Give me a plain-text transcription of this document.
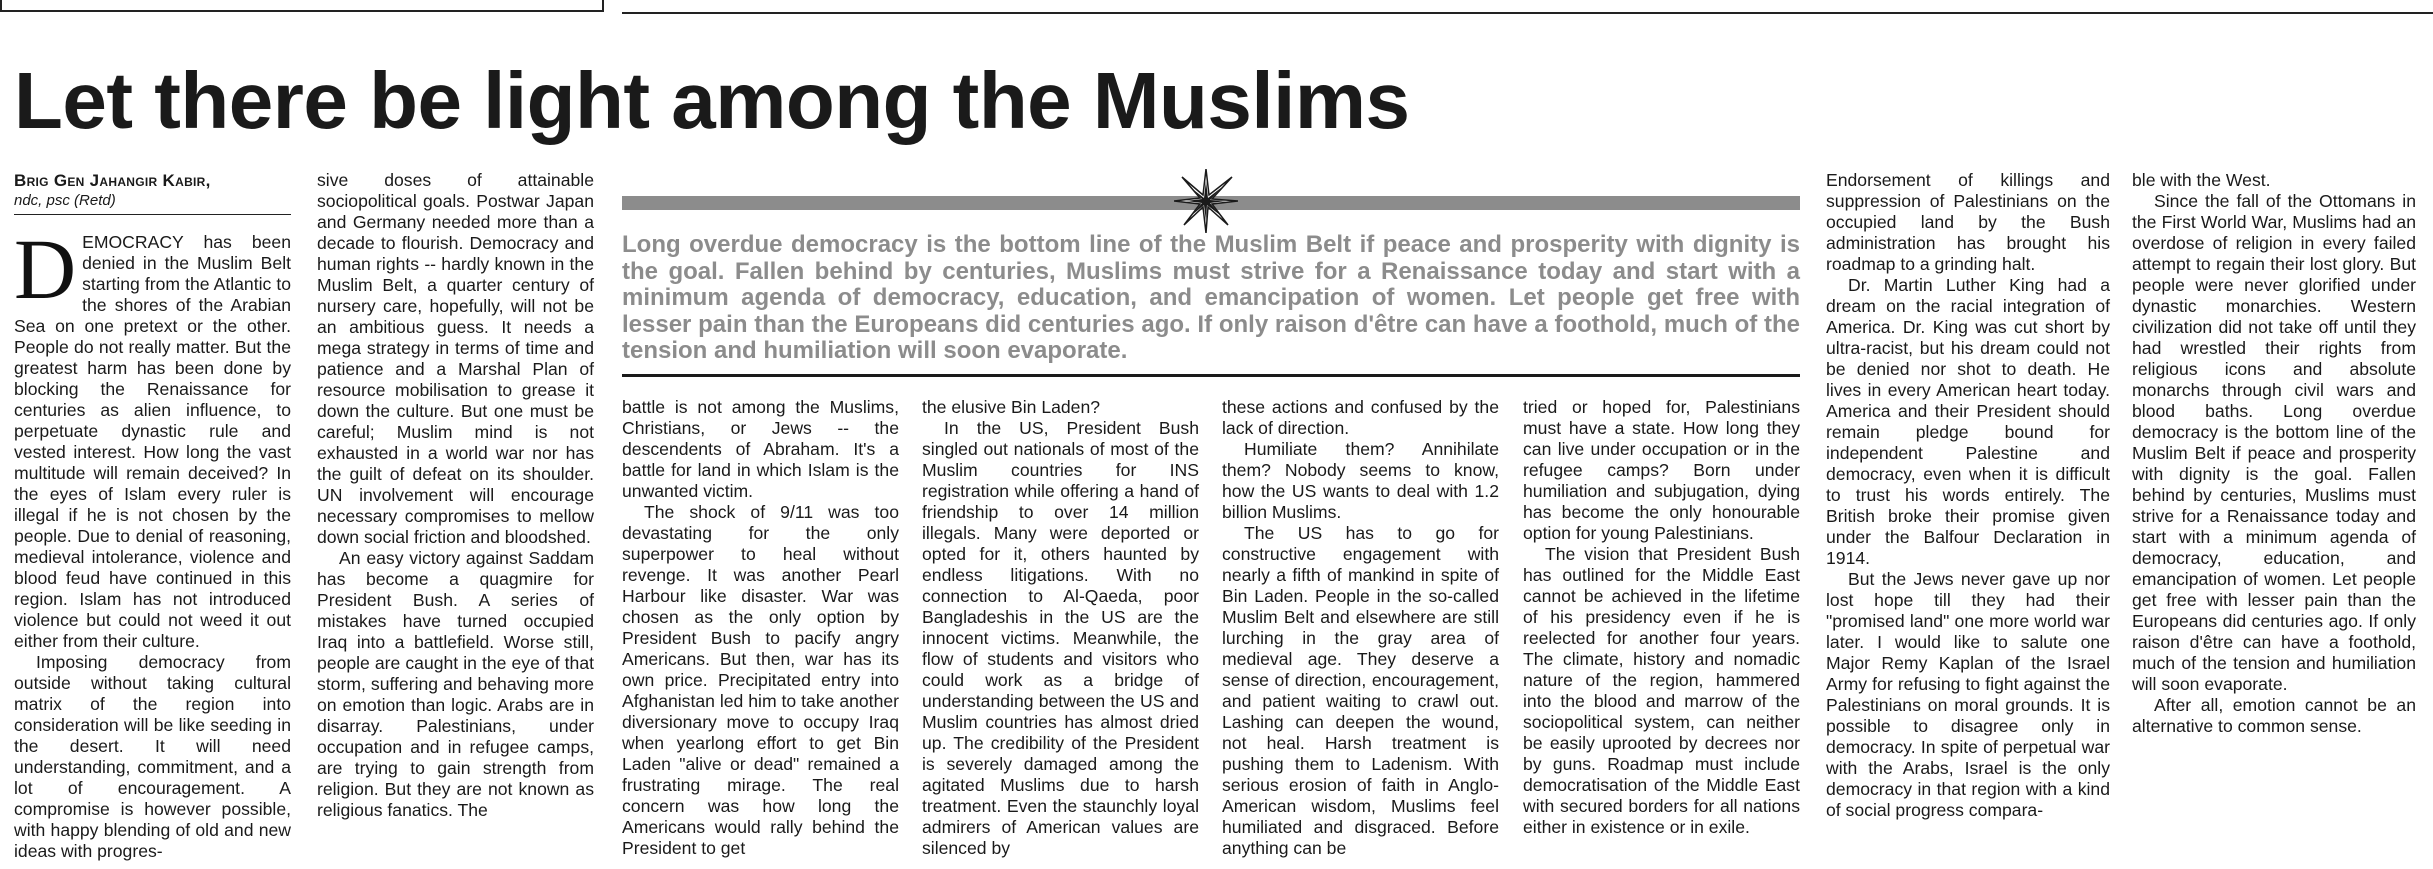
Let there be light among the Muslims
Brig Gen Jahangir Kabir,
ndc, psc (Retd)

DEMOCRACY has been denied in the Muslim Belt starting from the Atlantic to the shores of the Arabian Sea on one pretext or the other. People do not really matter. But the greatest harm has been done by blocking the Renaissance for centuries as alien influence, to perpetuate dynastic rule and vested interest. How long the vast multitude will remain deceived? In the eyes of Islam every ruler is illegal if he is not chosen by the people. Due to denial of reasoning, medieval intolerance, violence and blood feud have continued in this region. Islam has not introduced violence but could not weed it out either from their culture.

Imposing democracy from outside without taking cultural matrix of the region into consideration will be like seeding in the desert. It will need understanding, commitment, and a lot of encouragement. A compromise is however possible, with happy blending of old and new ideas with progres-

sive doses of attainable sociopolitical goals. Postwar Japan and Germany needed more than a decade to flourish. Democracy and human rights -- hardly known in the Muslim Belt, a quarter century of nursery care, hopefully, will not be an ambitious guess. It needs a mega strategy in terms of time and patience and a Marshal Plan of resource mobilisation to grease it down the culture. But one must be careful; Muslim mind is not exhausted in a world war nor has the guilt of defeat on its shoulder. UN involvement will encourage necessary compromises to mellow down social friction and bloodshed.

An easy victory against Saddam has become a quagmire for President Bush. A series of mistakes have turned occupied Iraq into a battlefield. Worse still, people are caught in the eye of that storm, suffering and behaving more on emotion than logic. Arabs are in disarray. Palestinians, under occupation and in refugee camps, are trying to gain strength from religion. But they are not known as religious fanatics. The

Long overdue democracy is the bottom line of the Muslim Belt if peace and prosperity with dignity is the goal. Fallen behind by centuries, Muslims must strive for a Renaissance today and start with a minimum agenda of democracy, education, and emancipation of women. Let people get free with lesser pain than the Europeans did centuries ago. If only raison d'être can have a foothold, much of the tension and humiliation will soon evaporate.

battle is not among the Muslims, Christians, or Jews -- the descendents of Abraham. It's a battle for land in which Islam is the unwanted victim.

The shock of 9/11 was too devastating for the only superpower to heal without revenge. It was another Pearl Harbour like disaster. War was chosen as the only option by President Bush to pacify angry Americans. But then, war has its own price. Precipitated entry into Afghanistan led him to take another diversionary move to occupy Iraq when yearlong effort to get Bin Laden "alive or dead" remained a frustrating mirage. The real concern was how long the Americans would rally behind the President to get

the elusive Bin Laden?

In the US, President Bush singled out nationals of most of the Muslim countries for INS registration while offering a hand of friendship to over 14 million illegals. Many were deported or opted for it, others haunted by endless litigations. With no connection to Al-Qaeda, poor Bangladeshis in the US are the innocent victims. Meanwhile, the flow of students and visitors who could work as a bridge of understanding between the US and Muslim countries has almost dried up. The credibility of the President is severely damaged among the agitated Muslims due to harsh treatment. Even the staunchly loyal admirers of American values are silenced by

these actions and confused by the lack of direction.

Humiliate them? Annihilate them? Nobody seems to know, how the US wants to deal with 1.2 billion Muslims.

The US has to go for constructive engagement with nearly a fifth of mankind in spite of Bin Laden. People in the so-called Muslim Belt and elsewhere are still lurching in the gray area of medieval age. They deserve a sense of direction, encouragement, and patient waiting to crawl out. Lashing can deepen the wound, not heal. Harsh treatment is pushing them to Ladenism. With serious erosion of faith in Anglo-American wisdom, Muslims feel humiliated and disgraced. Before anything can be

tried or hoped for, Palestinians must have a state. How long they can live under occupation or in the refugee camps? Born under humiliation and subjugation, dying has become the only honourable option for young Palestinians.

The vision that President Bush has outlined for the Middle East cannot be achieved in the lifetime of his presidency even if he is reelected for another four years. The climate, history and nomadic nature of the region, hammered into the blood and marrow of the sociopolitical system, can neither be easily uprooted by decrees nor by guns. Roadmap must include democratisation of the Middle East with secured borders for all nations either in existence or in exile.

Endorsement of killings and suppression of Palestinians on the occupied land by the Bush administration has brought his roadmap to a grinding halt.

Dr. Martin Luther King had a dream on the racial integration of America. Dr. King was cut short by ultra-racist, but his dream could not be denied nor shot to death. He lives in every American heart today. America and their President should remain pledge bound for independent Palestine and democracy, even when it is difficult to trust his words entirely. The British broke their promise given under the Balfour Declaration in 1914.

But the Jews never gave up nor lost hope till they had their "promised land" one more world war later. I would like to salute one Major Remy Kaplan of the Israel Army for refusing to fight against the Palestinians on moral grounds. It is possible to disagree only in democracy. In spite of perpetual war with the Arabs, Israel is the only democracy in that region with a kind of social progress compara-

ble with the West.

Since the fall of the Ottomans in the First World War, Muslims had an overdose of religion in every failed attempt to regain their lost glory. But people were never glorified under dynastic monarchies. Western civilization did not take off until they had wrestled their rights from religious icons and absolute monarchs through civil wars and blood baths. Long overdue democracy is the bottom line of the Muslim Belt if peace and prosperity with dignity is the goal. Fallen behind by centuries, Muslims must strive for a Renaissance today and start with a minimum agenda of democracy, education, and emancipation of women. Let people get free with lesser pain than the Europeans did centuries ago. If only raison d'être can have a foothold, much of the tension and humiliation will soon evaporate.

After all, emotion cannot be an alternative to common sense.
